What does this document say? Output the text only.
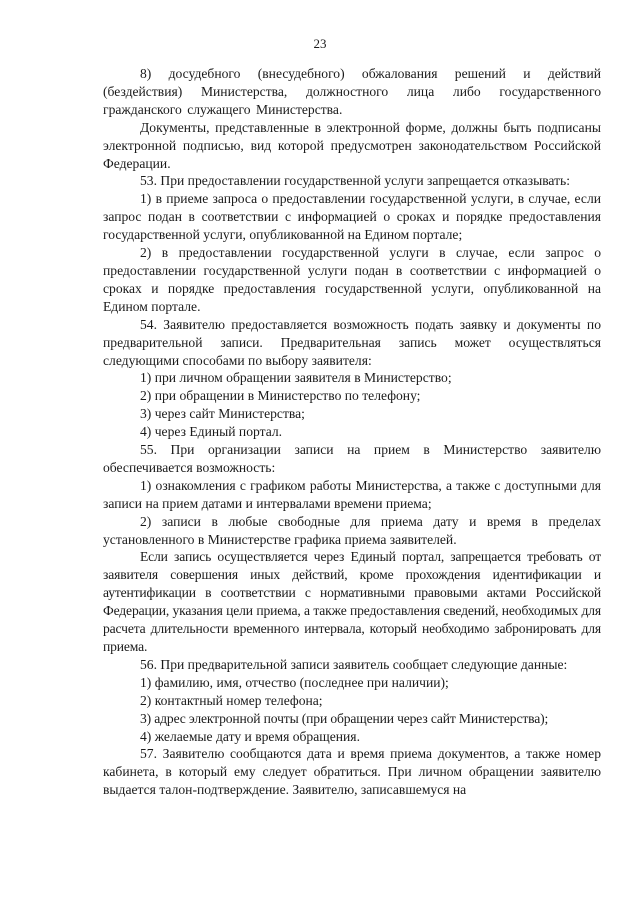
23

8) досудебного (внесудебного) обжалования решений и действий (бездействия) Министерства, должностного лица либо государственного гражданского служащего Министерства.

Документы, представленные в электронной форме, должны быть подписаны электронной подписью, вид которой предусмотрен законодательством Российской Федерации.

53. При предоставлении государственной услуги запрещается отказывать:

1) в приеме запроса о предоставлении государственной услуги, в случае, если запрос подан в соответствии с информацией о сроках и порядке предоставления государственной услуги, опубликованной на Едином портале;

2) в предоставлении государственной услуги в случае, если запрос о предоставлении государственной услуги подан в соответствии с информацией о сроках и порядке предоставления государственной услуги, опубликованной на Едином портале.

54. Заявителю предоставляется возможность подать заявку и документы по предварительной записи. Предварительная запись может осуществляться следующими способами по выбору заявителя:

1) при личном обращении заявителя в Министерство;

2) при обращении в Министерство по телефону;

3) через сайт Министерства;

4) через Единый портал.

55. При организации записи на прием в Министерство заявителю обеспечивается возможность:

1) ознакомления с графиком работы Министерства, а также с доступными для записи на прием датами и интервалами времени приема;

2) записи в любые свободные для приема дату и время в пределах установленного в Министерстве графика приема заявителей.

Если запись осуществляется через Единый портал, запрещается требовать от заявителя совершения иных действий, кроме прохождения идентификации и аутентификации в соответствии с нормативными правовыми актами Российской Федерации, указания цели приема, а также предоставления сведений, необходимых для расчета длительности временного интервала, который необходимо забронировать для приема.

56. При предварительной записи заявитель сообщает следующие данные:

1) фамилию, имя, отчество (последнее при наличии);

2) контактный номер телефона;

3) адрес электронной почты (при обращении через сайт Министерства);

4) желаемые дату и время обращения.

57. Заявителю сообщаются дата и время приема документов, а также номер кабинета, в который ему следует обратиться. При личном обращении заявителю выдается талон-подтверждение. Заявителю, записавшемуся на
